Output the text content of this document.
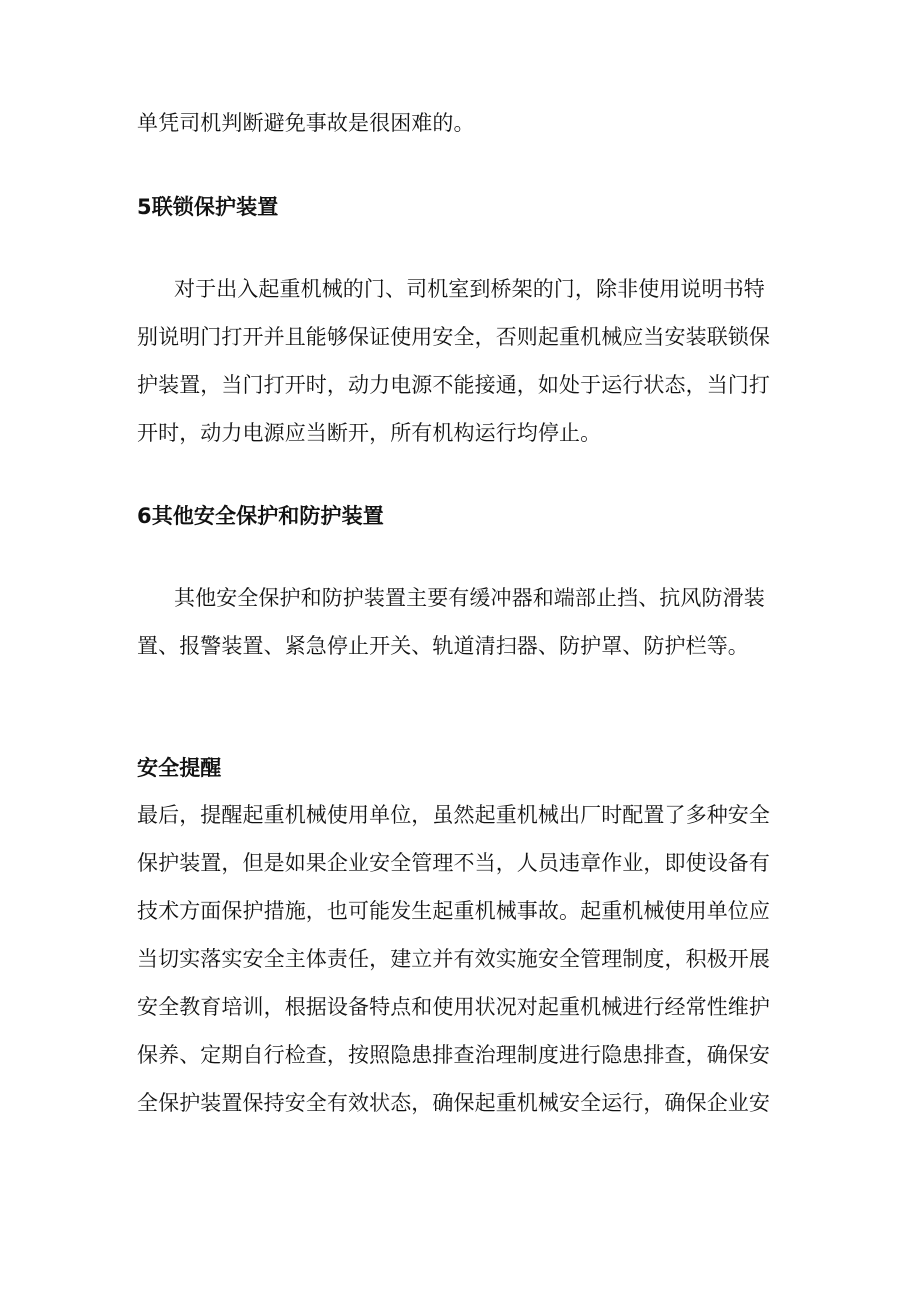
单凭司机判断避免事故是很困难的。
5联锁保护装置
对于出入起重机械的门、司机室到桥架的门，除非使用说明书特
别说明门打开并且能够保证使用安全，否则起重机械应当安装联锁保
护装置，当门打开时，动力电源不能接通，如处于运行状态，当门打
开时，动力电源应当断开，所有机构运行均停止。
6其他安全保护和防护装置
其他安全保护和防护装置主要有缓冲器和端部止挡、抗风防滑装
置、报警装置、紧急停止开关、轨道清扫器、防护罩、防护栏等。
安全提醒
最后，提醒起重机械使用单位，虽然起重机械出厂时配置了多种安全
保护装置，但是如果企业安全管理不当，人员违章作业，即使设备有
技术方面保护措施，也可能发生起重机械事故。起重机械使用单位应
当切实落实安全主体责任，建立并有效实施安全管理制度，积极开展
安全教育培训，根据设备特点和使用状况对起重机械进行经常性维护
保养、定期自行检查，按照隐患排查治理制度进行隐患排查，确保安
全保护装置保持安全有效状态，确保起重机械安全运行，确保企业安
